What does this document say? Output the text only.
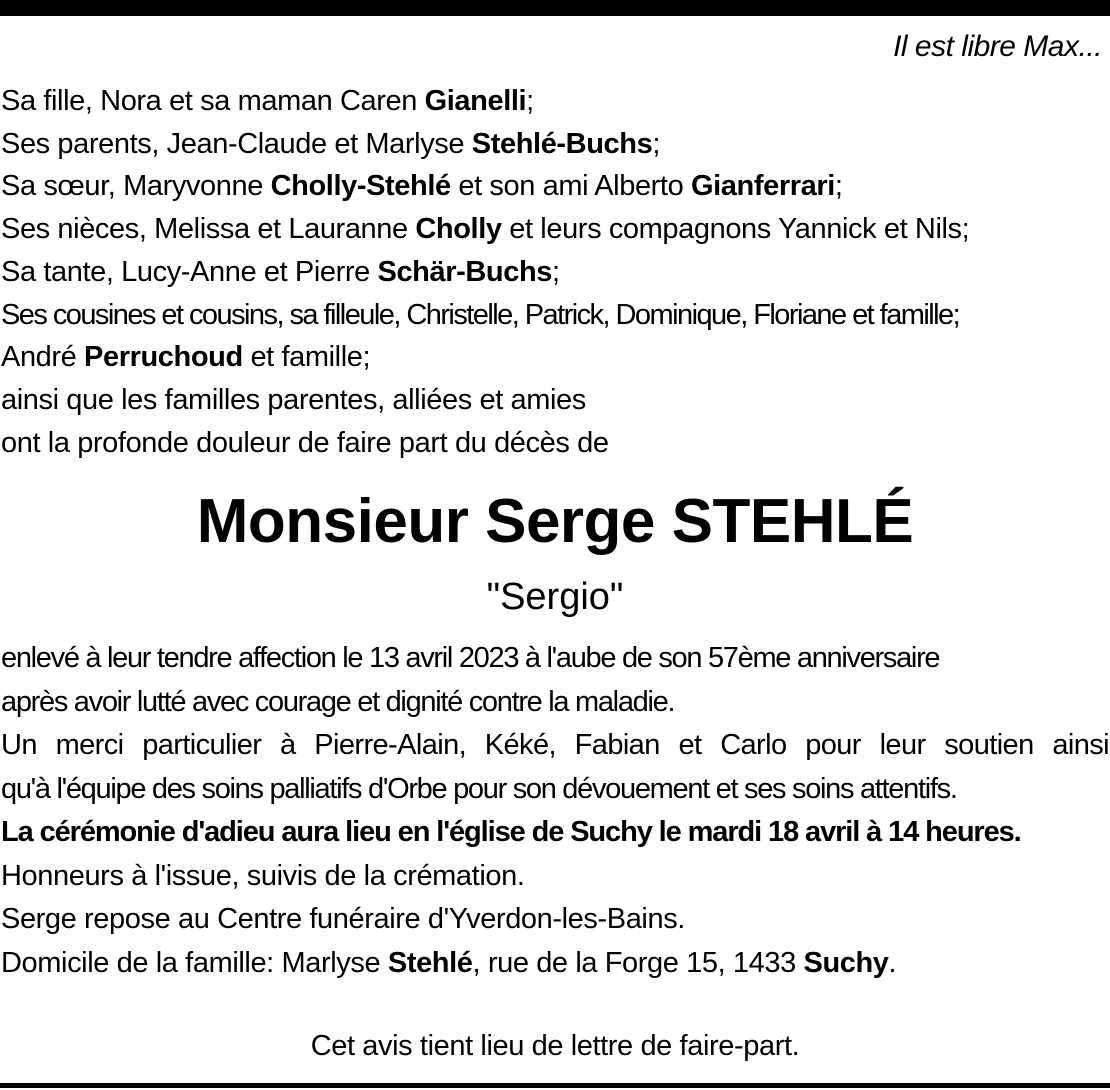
Il est libre Max...
Sa fille, Nora et sa maman Caren Gianelli;
Ses parents, Jean-Claude et Marlyse Stehlé-Buchs;
Sa sœur, Maryvonne Cholly-Stehlé et son ami Alberto Gianferrari;
Ses nièces, Melissa et Lauranne Cholly et leurs compagnons Yannick et Nils;
Sa tante, Lucy-Anne et Pierre Schär-Buchs;
Ses cousines et cousins, sa filleule, Christelle, Patrick, Dominique, Floriane et famille;
André Perruchoud et famille;
ainsi que les familles parentes, alliées et amies
ont la profonde douleur de faire part du décès de
Monsieur Serge STEHLÉ
"Sergio"
enlevé à leur tendre affection le 13 avril 2023 à l'aube de son 57ème anniversaire
après avoir lutté avec courage et dignité contre la maladie.
Un merci particulier à Pierre-Alain, Kéké, Fabian et Carlo pour leur soutien ainsi
qu'à l'équipe des soins palliatifs d'Orbe pour son dévouement et ses soins attentifs.
La cérémonie d'adieu aura lieu en l'église de Suchy le mardi 18 avril à 14 heures.
Honneurs à l'issue, suivis de la crémation.
Serge repose au Centre funéraire d'Yverdon-les-Bains.
Domicile de la famille: Marlyse Stehlé, rue de la Forge 15, 1433 Suchy.
Cet avis tient lieu de lettre de faire-part.
